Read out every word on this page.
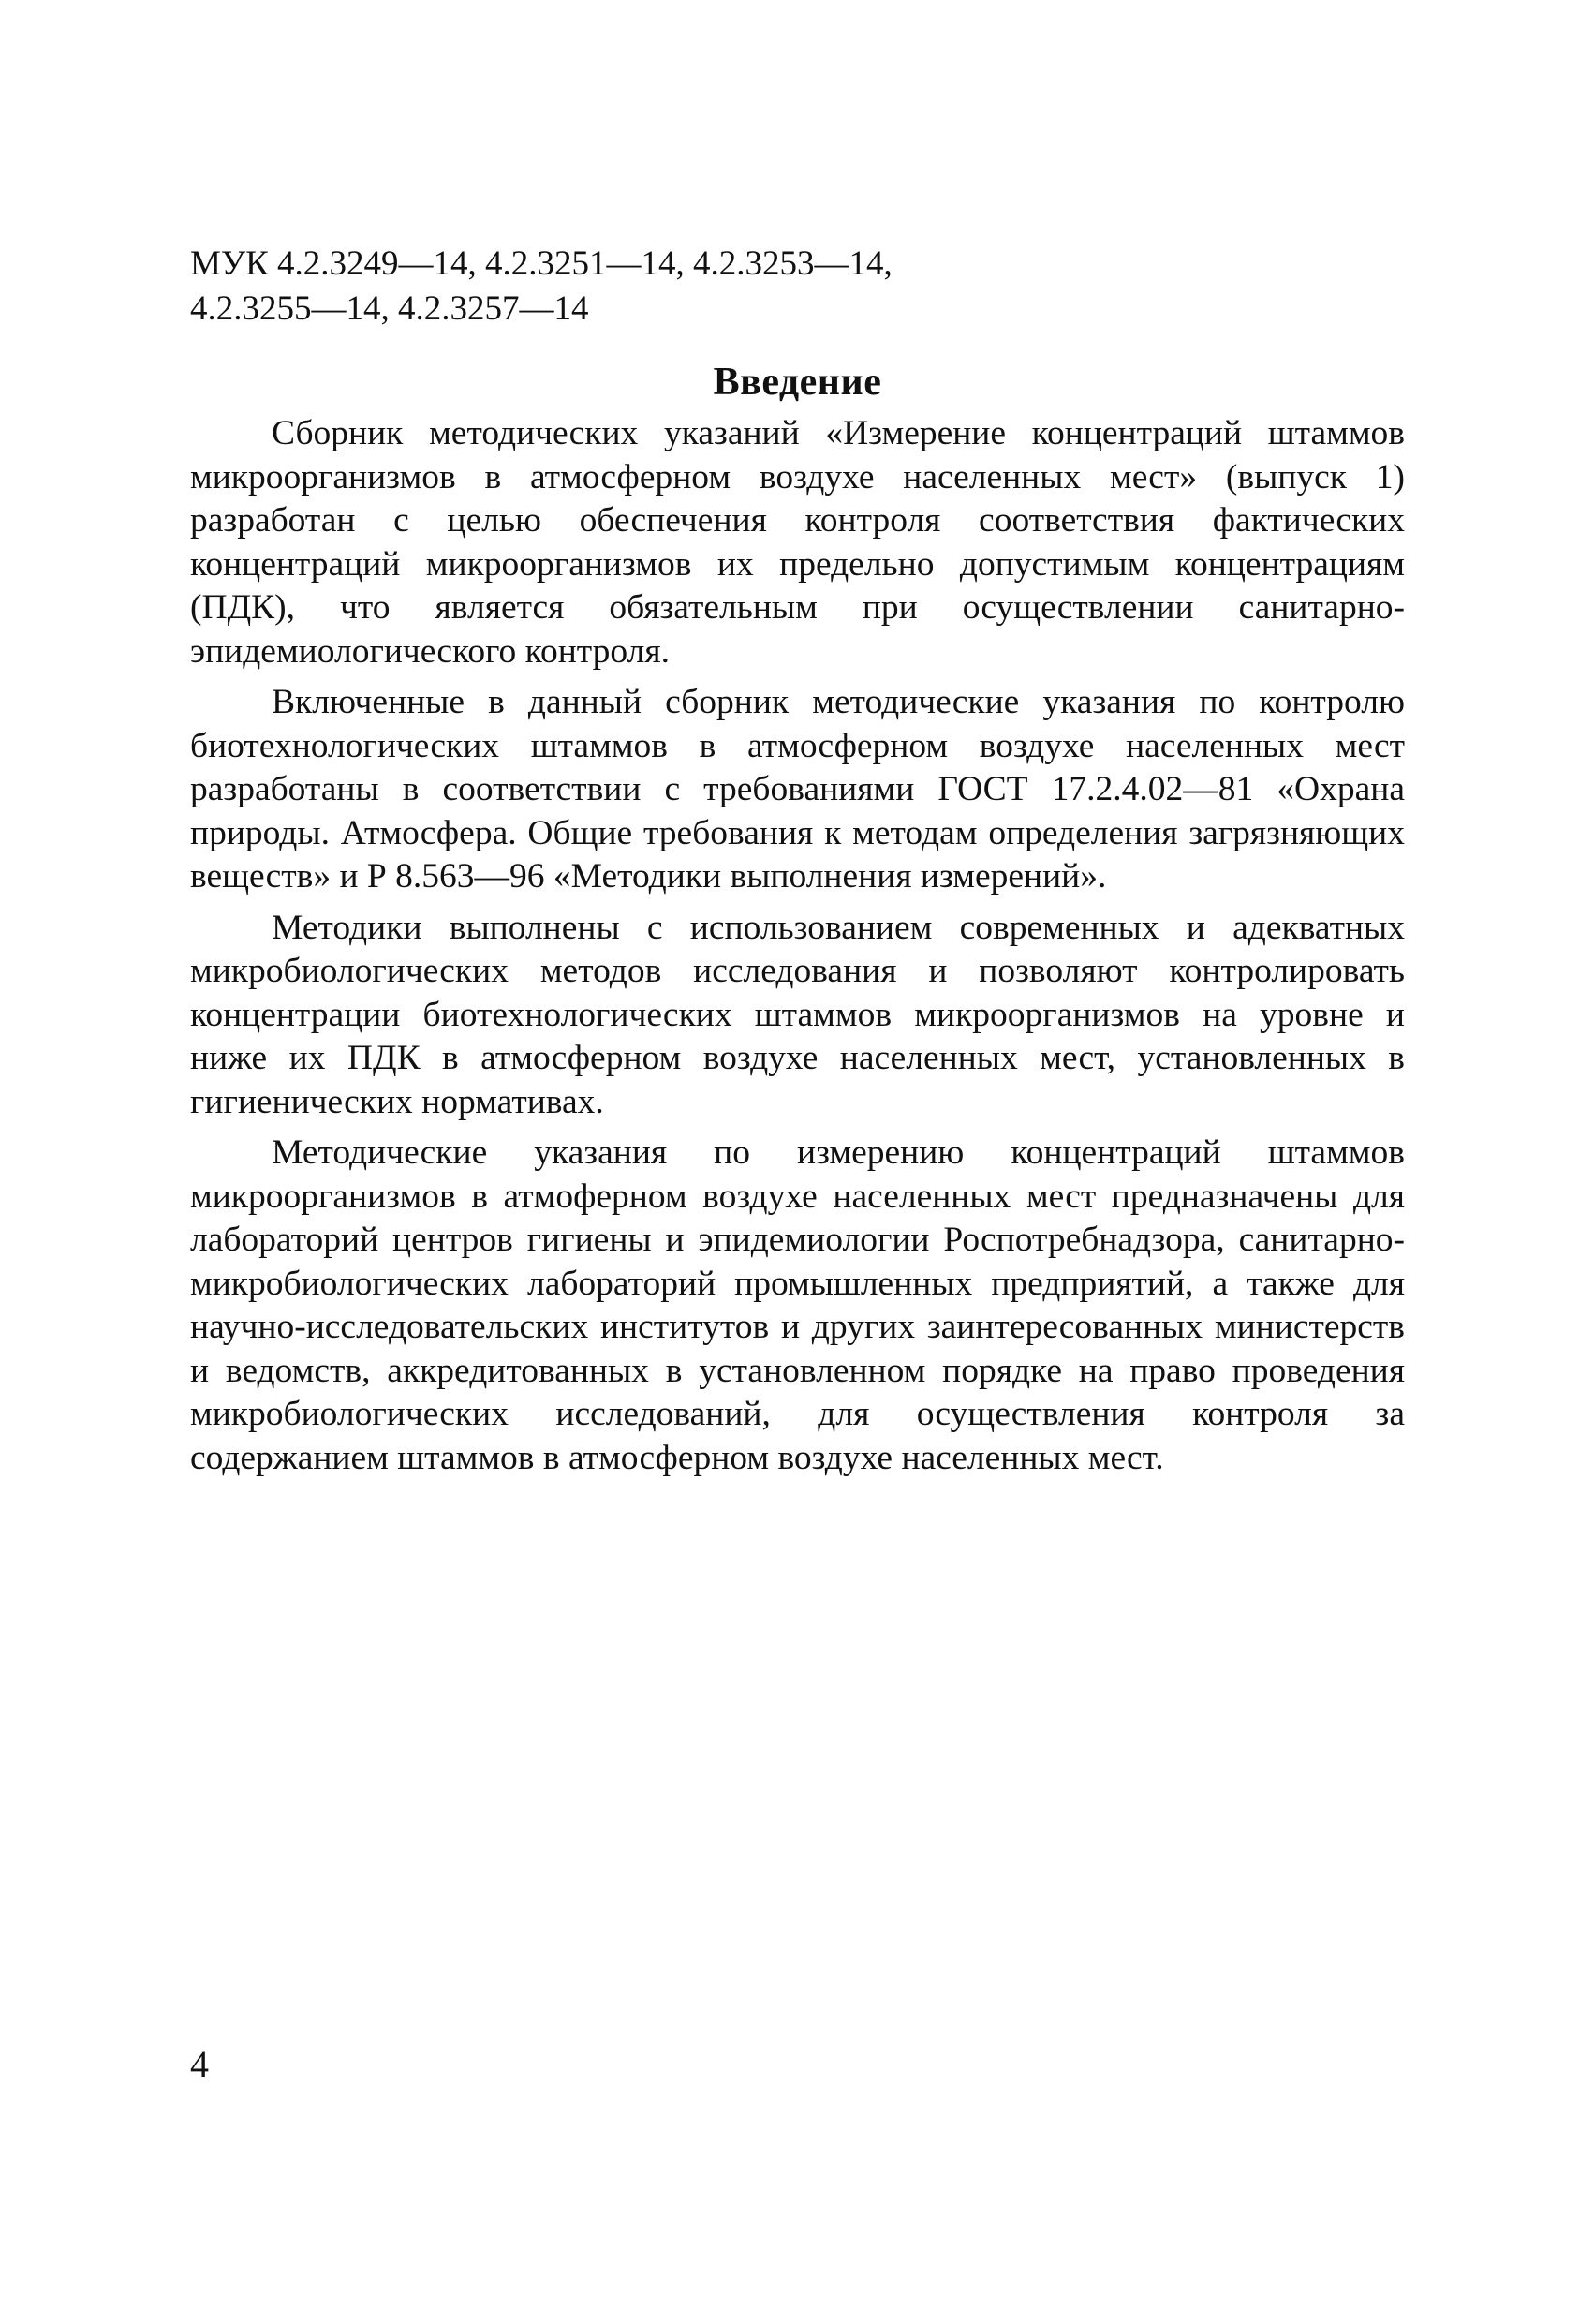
МУК 4.2.3249—14, 4.2.3251—14, 4.2.3253—14,
4.2.3255—14, 4.2.3257—14
Введение

Сборник методических указаний «Измерение концентраций штаммов микроорганизмов в атмосферном воздухе населенных мест» (выпуск 1) разработан с целью обеспечения контроля соответствия фактических концентраций микроорганизмов их предельно допустимым концентрациям (ПДК), что является обязательным при осуществлении санитарно-эпидемиологического контроля.

Включенные в данный сборник методические указания по контролю биотехнологических штаммов в атмосферном воздухе населенных мест разработаны в соответствии с требованиями ГОСТ 17.2.4.02—81 «Охрана природы. Атмосфера. Общие требования к методам определения загрязняющих веществ» и Р 8.563—96 «Методики выполнения измерений».

Методики выполнены с использованием современных и адекватных микробиологических методов исследования и позволяют контролировать концентрации биотехнологических штаммов микроорганизмов на уровне и ниже их ПДК в атмосферном воздухе населенных мест, установленных в гигиенических нормативах.

Методические указания по измерению концентраций штаммов микроорганизмов в атмоферном воздухе населенных мест предназначены для лабораторий центров гигиены и эпидемиологии Роспотребнадзора, санитарно-микробиологических лабораторий промышленных предприятий, а также для научно-исследовательских институтов и других заинтересованных министерств и ведомств, аккредитованных в установленном порядке на право проведения микробиологических исследований, для осуществления контроля за содержанием штаммов в атмосферном воздухе населенных мест.

4
